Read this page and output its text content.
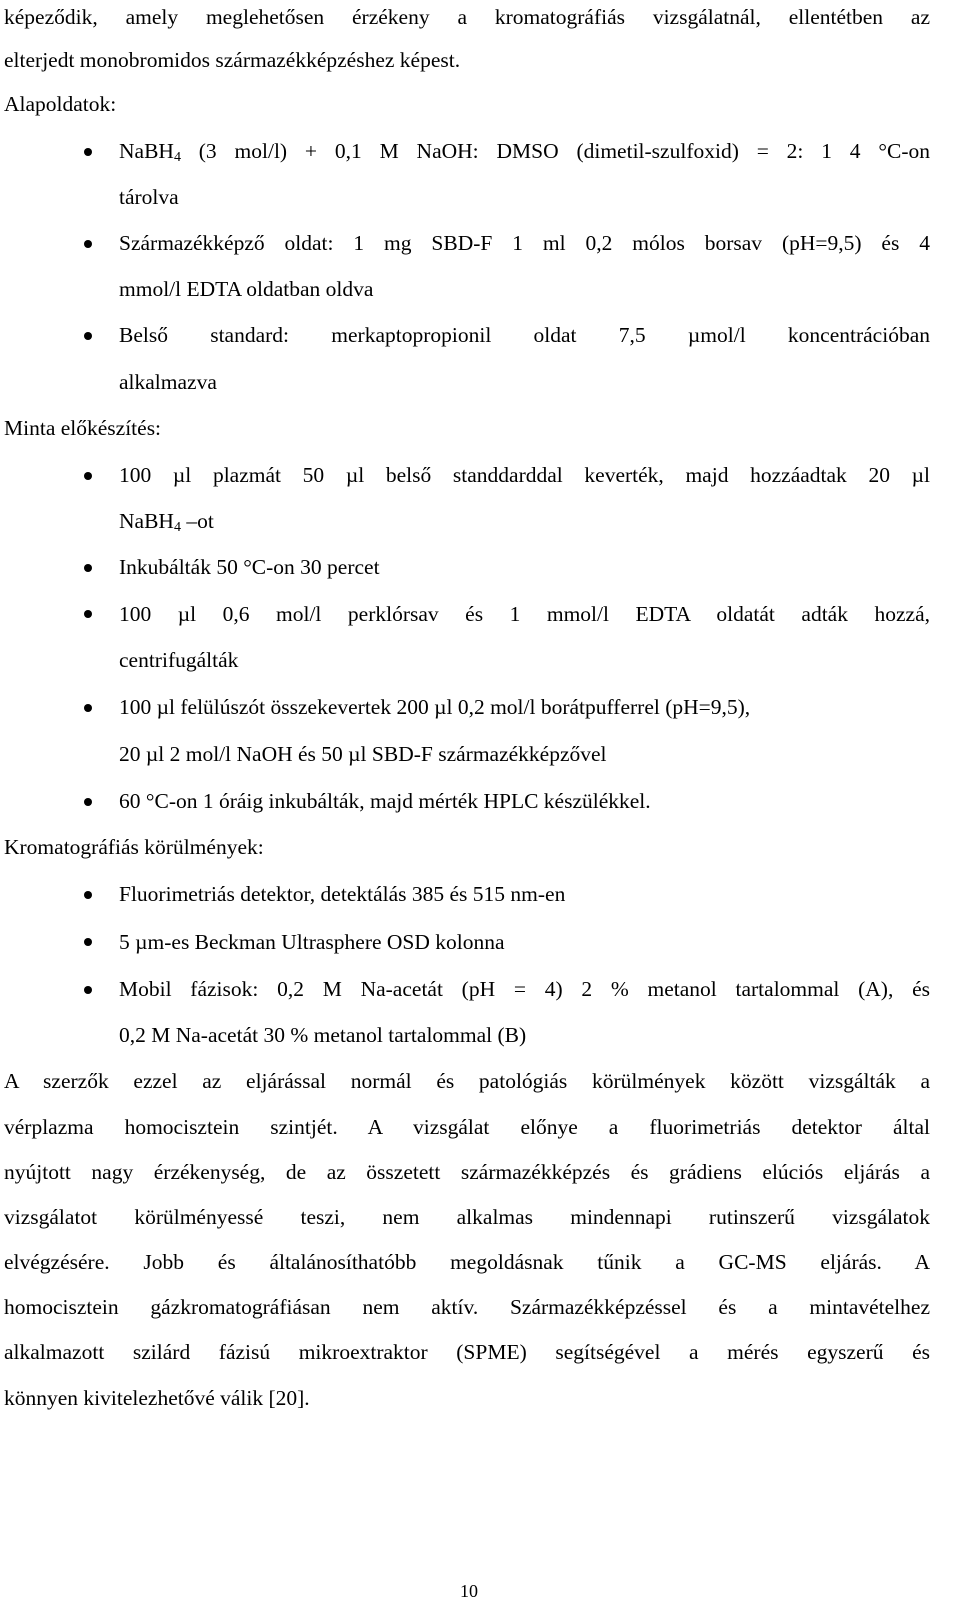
képeződik, amely meglehetősen érzékeny a kromatográfiás vizsgálatnál, ellentétben az
elterjedt monobromidos származékképzéshez képest.
Alapoldatok:
NaBH$_4$ (3 mol/l) + 0,1 M NaOH: DMSO (dimetil-szulfoxid) = 2: 1 4 °C-on
tárolva
Származékképző oldat: 1 mg SBD-F 1 ml 0,2 mólos borsav (pH=9,5) és 4
mmol/l EDTA oldatban oldva
Belső standard: merkaptopropionil oldat 7,5 µmol/l koncentrációban
alkalmazva
Minta előkészítés:
100 µl plazmát 50 µl belső standdarddal keverték, majd hozzáadtak 20 µl
NaBH$_4$ –ot
Inkubálták 50 °C-on 30 percet
100 µl 0,6 mol/l perklórsav és 1 mmol/l EDTA oldatát adták hozzá,
centrifugálták
100 µl felülúszót összekevertek 200 µl 0,2 mol/l borátpufferrel (pH=9,5),
20 µl 2 mol/l NaOH és 50 µl SBD-F származékképzővel
60 °C-on 1 óráig inkubálták, majd mérték HPLC készülékkel.
Kromatográfiás körülmények:
Fluorimetriás detektor, detektálás 385 és 515 nm-en
5 µm-es Beckman Ultrasphere OSD kolonna
Mobil fázisok: 0,2 M Na-acetát (pH = 4) 2 % metanol tartalommal (A), és
0,2 M Na-acetát 30 % metanol tartalommal (B)
A szerzők ezzel az eljárással normál és patológiás körülmények között vizsgálták a
vérplazma homocisztein szintjét. A vizsgálat előnye a fluorimetriás detektor által
nyújtott nagy érzékenység, de az összetett származékképzés és grádiens elúciós eljárás a
vizsgálatot körülményessé teszi, nem alkalmas mindennapi rutinszerű vizsgálatok
elvégzésére. Jobb és általánosíthatóbb megoldásnak tűnik a GC-MS eljárás. A
homocisztein gázkromatográfiásan nem aktív. Származékképzéssel és a mintavételhez
alkalmazott szilárd fázisú mikroextraktor (SPME) segítségével a mérés egyszerű és
könnyen kivitelezhetővé válik [20].
10
